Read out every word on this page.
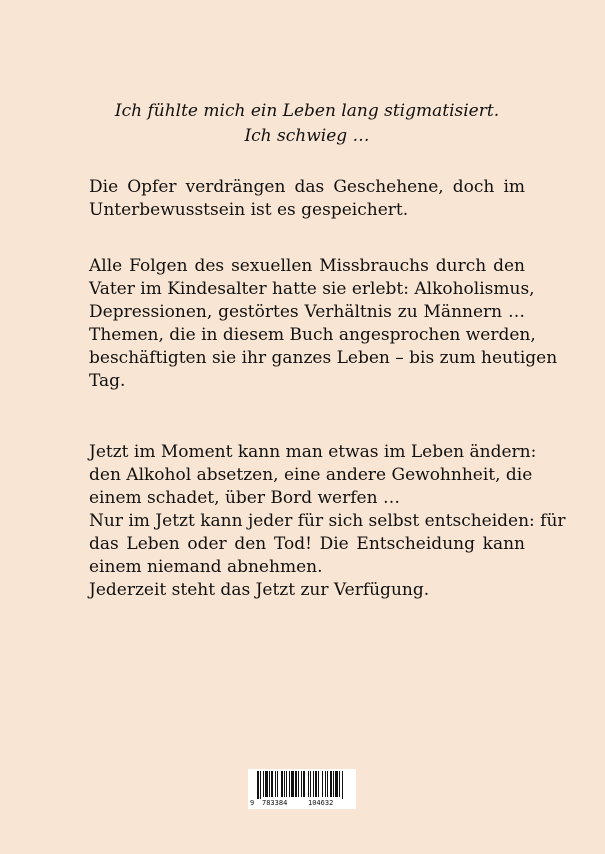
Ich fühlte mich ein Leben lang stigmatisiert.
Ich schwieg …
Die Opfer verdrängen das Geschehene, doch im
Unterbewusstsein ist es gespeichert.
Alle Folgen des sexuellen Missbrauchs durch den
Vater im Kindesalter hatte sie erlebt: Alkoholismus,
Depressionen, gestörtes Verhältnis zu Männern …
Themen, die in diesem Buch angesprochen werden,
beschäftigten sie ihr ganzes Leben – bis zum heutigen
Tag.
Jetzt im Moment kann man etwas im Leben ändern:
den Alkohol absetzen, eine andere Gewohnheit, die
einem schadet, über Bord werfen …
Nur im Jetzt kann jeder für sich selbst entscheiden: für
das Leben oder den Tod! Die Entscheidung kann
einem niemand abnehmen.
Jederzeit steht das Jetzt zur Verfügung.
9 783384	104632
